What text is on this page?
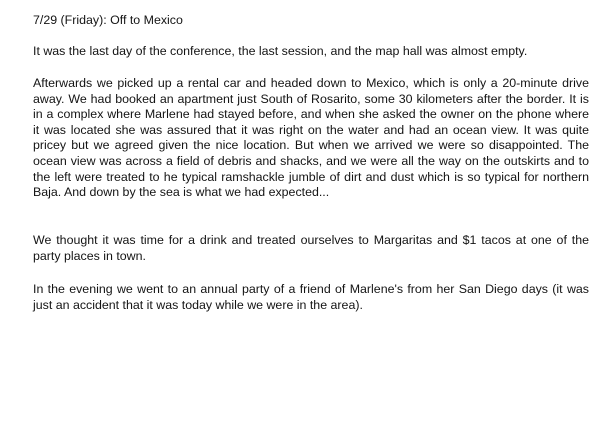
7/29 (Friday): Off to Mexico

It was the last day of the conference, the last session, and the map hall was almost empty.

Afterwards we picked up a rental car and headed down to Mexico, which is only a 20-minute drive away. We had booked an apartment just South of Rosarito, some 30 kilometers after the border. It is in a complex where Marlene had stayed before, and when she asked the owner on the phone where it was located she was assured that it was right on the water and had an ocean view. It was quite pricey but we agreed given the nice location. But when we arrived we were so disappointed. The ocean view was across a field of debris and shacks, and we were all the way on the outskirts and to the left were treated to he typical ramshackle jumble of dirt and dust which is so typical for northern Baja. And down by the sea is what we had expected...

We thought it was time for a drink and treated ourselves to Margaritas and $1 tacos at one of the party places in town.

In the evening we went to an annual party of a friend of Marlene's from her San Diego days (it was just an accident that it was today while we were in the area).
